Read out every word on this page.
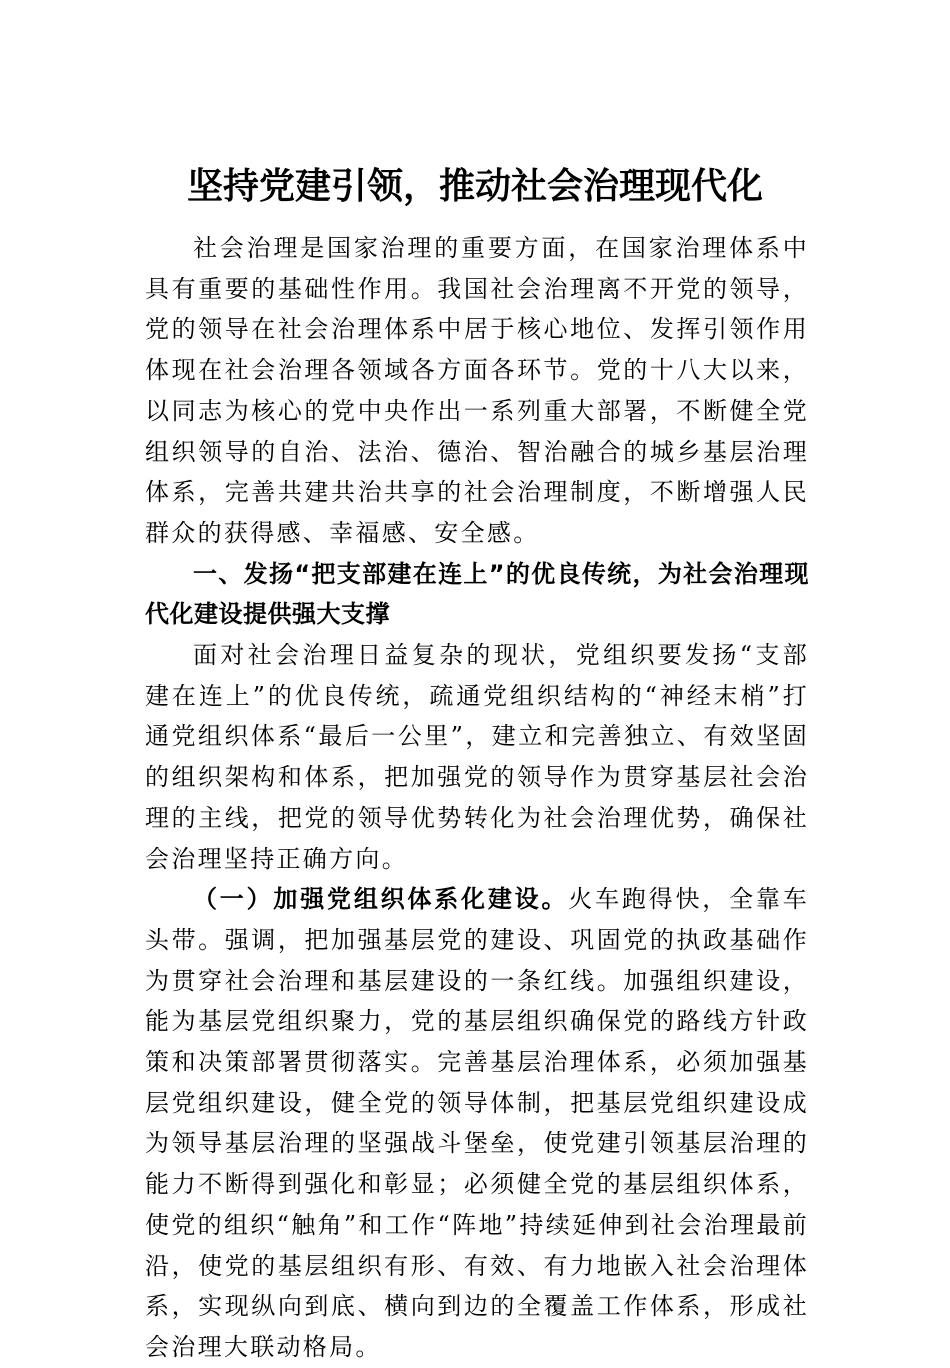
坚持党建引领，推动社会治理现代化

社会治理是国家治理的重要方面，在国家治理体系中具有重要的基础性作用。我国社会治理离不开党的领导，党的领导在社会治理体系中居于核心地位、发挥引领作用体现在社会治理各领域各方面各环节。党的十八大以来，以同志为核心的党中央作出一系列重大部署，不断健全党组织领导的自治、法治、德治、智治融合的城乡基层治理体系，完善共建共治共享的社会治理制度，不断增强人民群众的获得感、幸福感、安全感。

一、发扬“把支部建在连上”的优良传统，为社会治理现代化建设提供强大支撑

面对社会治理日益复杂的现状，党组织要发扬“支部建在连上”的优良传统，疏通党组织结构的“神经末梢”打通党组织体系“最后一公里”，建立和完善独立、有效坚固的组织架构和体系，把加强党的领导作为贯穿基层社会治理的主线，把党的领导优势转化为社会治理优势，确保社会治理坚持正确方向。

（一）加强党组织体系化建设。火车跑得快，全靠车头带。强调，把加强基层党的建设、巩固党的执政基础作为贯穿社会治理和基层建设的一条红线。加强组织建设，能为基层党组织聚力，党的基层组织确保党的路线方针政策和决策部署贯彻落实。完善基层治理体系，必须加强基层党组织建设，健全党的领导体制，把基层党组织建设成为领导基层治理的坚强战斗堡垒，使党建引领基层治理的能力不断得到强化和彰显；必须健全党的基层组织体系，使党的组织“触角”和工作“阵地”持续延伸到社会治理最前沿，使党的基层组织有形、有效、有力地嵌入社会治理体系，实现纵向到底、横向到边的全覆盖工作体系，形成社会治理大联动格局。
